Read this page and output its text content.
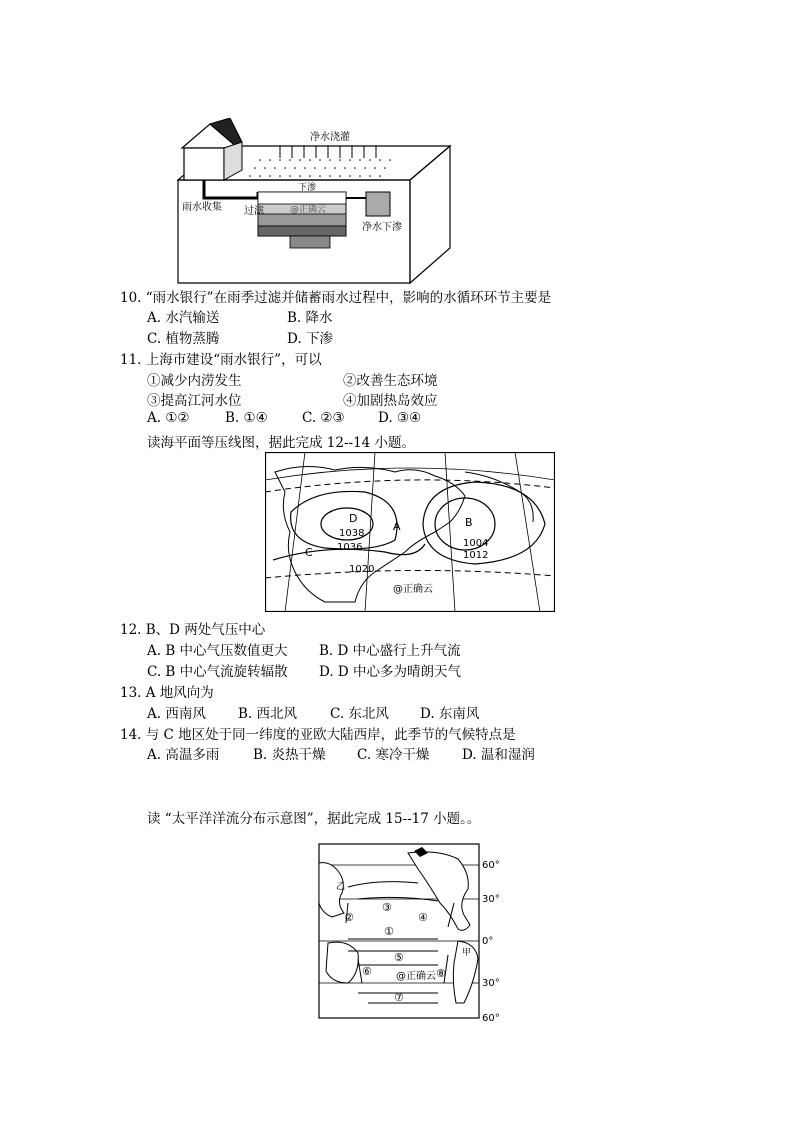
净水浇灌
下渗
雨水收集 过滤
净水下渗
@正确云
10. “雨水银行”在雨季过滤并储蓄雨水过程中，影响的水循环环节主要是
A. 水汽输送	B. 降水
C. 植物蒸腾	D. 下渗
11. 上海市建设“雨水银行”，可以
①减少内涝发生	②改善生态环境
③提高江河水位	④加剧热岛效应
A. ①②	B. ①④	C. ②③ D. ③④
读海平面等压线图，据此完成 12--14 小题。
D
1038
1036
A	B
1004
1012
C
1020
@正确云
12. B、D 两处气压中心
A. B 中心气压数值更大 B. D 中心盛行上升气流
C. B 中心气流旋转辐散 D. D 中心多为晴朗天气
13. A 地风向为
A. 西南风 B. 西北风 C. 东北风 D. 东南风
14. 与 C 地区处于同一纬度的亚欧大陆西岸，此季节的气候特点是
A. 高温多雨 B. 炎热干燥 C. 寒冷干燥 D. 温和湿润
读 “太平洋洋流分布示意图”，据此完成 15--17 小题。。
③
④
②
①
⑤
⑥	⑧
⑦
乙
甲
@正确云
60°
30°
0°
30°
60°
